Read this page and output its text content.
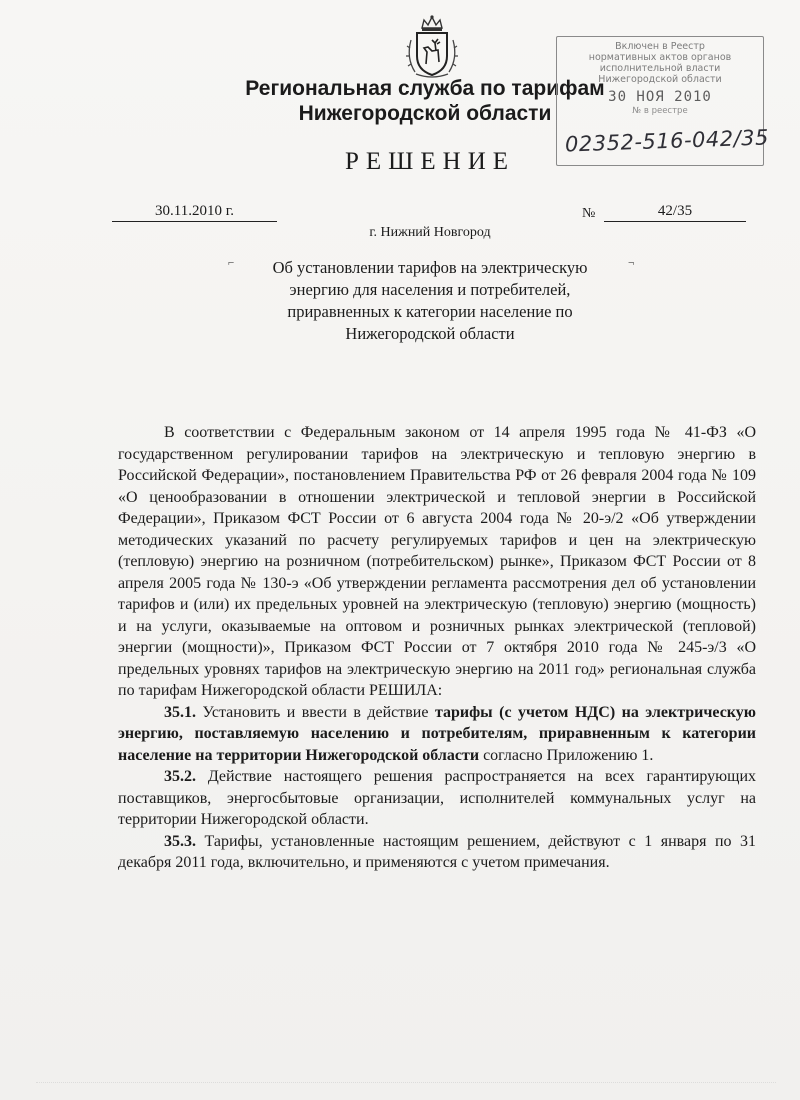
Региональная служба по тарифам
Нижегородской области
Включен в Реестр
нормативных актов органов
исполнительной власти
Нижегородской области
30 НОЯ 2010
№ в реестре
02352-516-042/35
РЕШЕНИЕ
30.11.2010 г.	№	42/35
г. Нижний Новгород
⌐	¬
Об установлении тарифов на электрическую
энергию для населения и потребителей,
приравненных к категории население по
Нижегородской области

В соответствии с Федеральным законом от 14 апреля 1995 года № 41-ФЗ «О государственном регулировании тарифов на электрическую и тепловую энергию в Российской Федерации», постановлением Правительства РФ от 26 февраля 2004 года № 109 «О ценообразовании в отношении электрической и тепловой энергии в Российской Федерации», Приказом ФСТ России от 6 августа 2004 года № 20-э/2 «Об утверждении методических указаний по расчету регулируемых тарифов и цен на электрическую (тепловую) энергию на розничном (потребительском) рынке», Приказом ФСТ России от 8 апреля 2005 года № 130-э «Об утверждении регламента рассмотрения дел об установлении тарифов и (или) их предельных уровней на электрическую (тепловую) энергию (мощность) и на услуги, оказываемые на оптовом и розничных рынках электрической (тепловой) энергии (мощности)», Приказом ФСТ России от 7 октября 2010 года № 245-э/3 «О предельных уровнях тарифов на электрическую энергию на 2011 год» региональная служба по тарифам Нижегородской области РЕШИЛА:

35.1. Установить и ввести в действие тарифы (с учетом НДС) на электрическую энергию, поставляемую населению и потребителям, приравненным к категории население на территории Нижегородской области согласно Приложению 1.

35.2. Действие настоящего решения распространяется на всех гарантирующих поставщиков, энергосбытовые организации, исполнителей коммунальных услуг на территории Нижегородской области.

35.3. Тарифы, установленные настоящим решением, действуют с 1 января по 31 декабря 2011 года, включительно, и применяются с учетом примечания.
